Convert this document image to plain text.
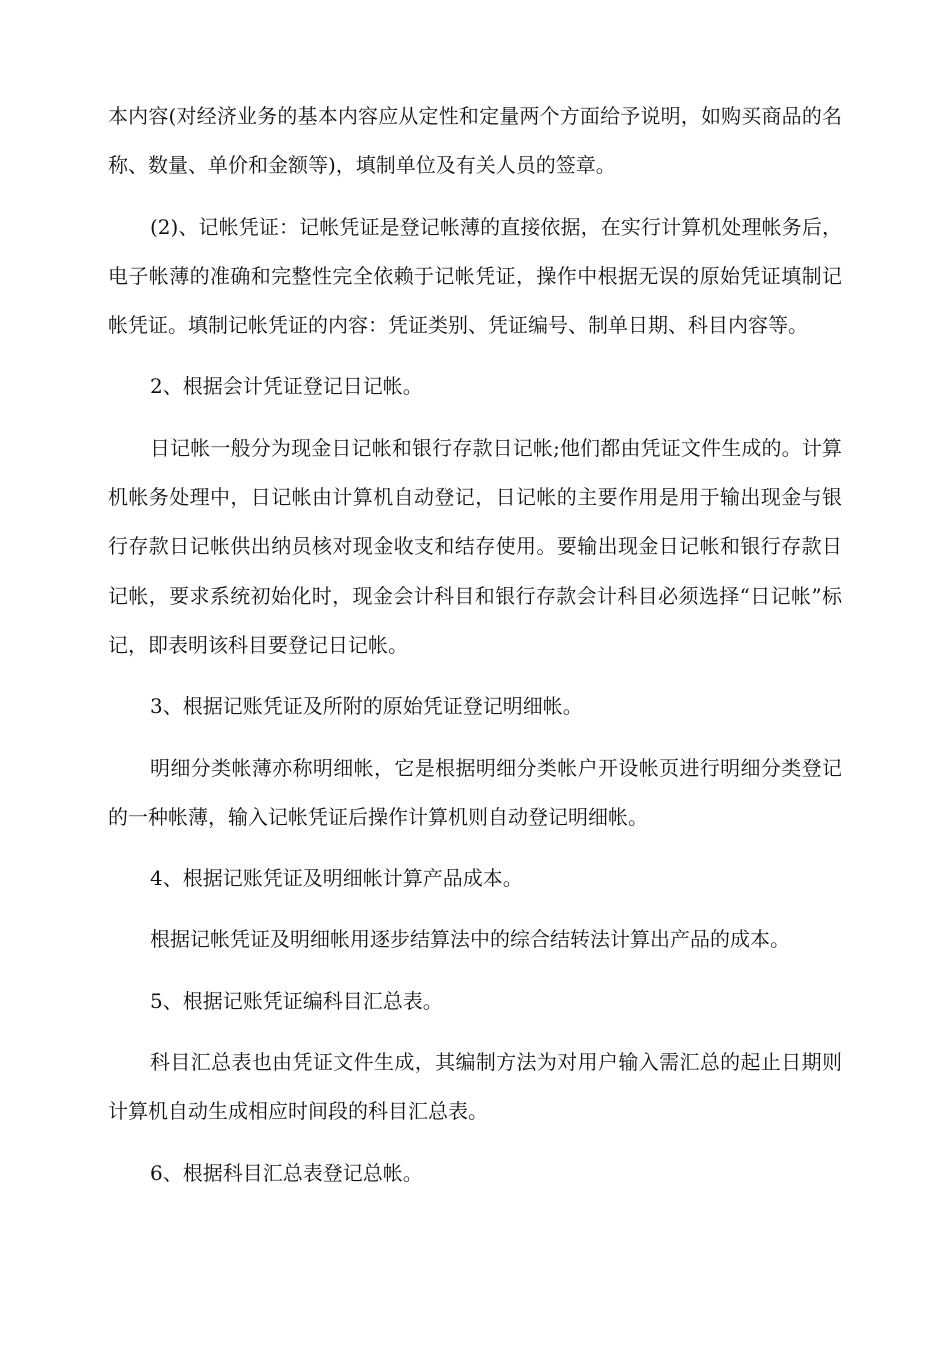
本内容(对经济业务的基本内容应从定性和定量两个方面给予说明，如购买商品的名称、数量、单价和金额等)，填制单位及有关人员的签章。

(2)、记帐凭证：记帐凭证是登记帐薄的直接依据，在实行计算机处理帐务后，电子帐薄的准确和完整性完全依赖于记帐凭证，操作中根据无误的原始凭证填制记帐凭证。填制记帐凭证的内容：凭证类别、凭证编号、制单日期、科目内容等。

2、根据会计凭证登记日记帐。

日记帐一般分为现金日记帐和银行存款日记帐;他们都由凭证文件生成的。计算机帐务处理中，日记帐由计算机自动登记，日记帐的主要作用是用于输出现金与银行存款日记帐供出纳员核对现金收支和结存使用。要输出现金日记帐和银行存款日记帐，要求系统初始化时，现金会计科目和银行存款会计科目必须选择“日记帐”标记，即表明该科目要登记日记帐。

3、根据记账凭证及所附的原始凭证登记明细帐。

明细分类帐薄亦称明细帐，它是根据明细分类帐户开设帐页进行明细分类登记的一种帐薄，输入记帐凭证后操作计算机则自动登记明细帐。

4、根据记账凭证及明细帐计算产品成本。

根据记帐凭证及明细帐用逐步结算法中的综合结转法计算出产品的成本。

5、根据记账凭证编科目汇总表。

科目汇总表也由凭证文件生成，其编制方法为对用户输入需汇总的起止日期则计算机自动生成相应时间段的科目汇总表。

6、根据科目汇总表登记总帐。
